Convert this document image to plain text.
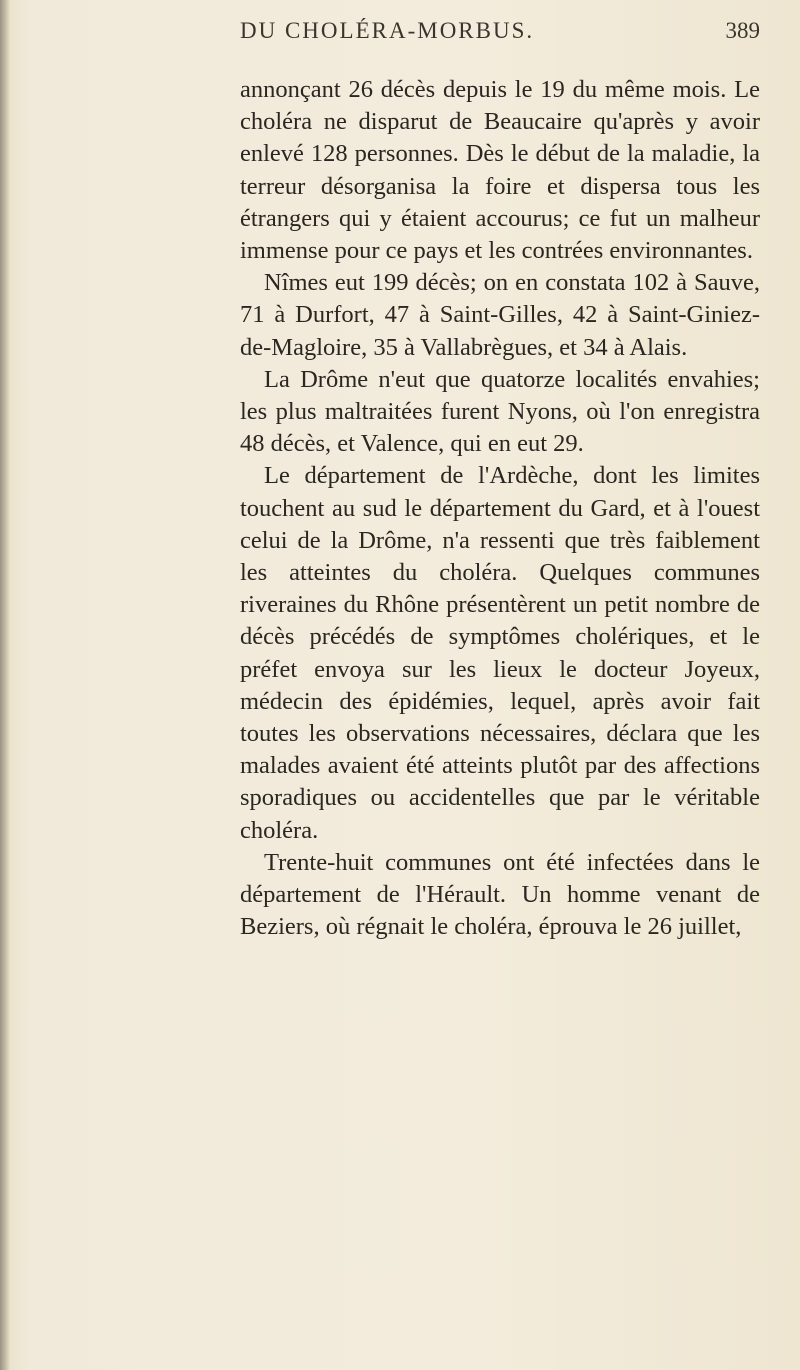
DU CHOLÉRA-MORBUS.	389

annonçant 26 décès depuis le 19 du même mois. Le choléra ne disparut de Beaucaire qu'après y avoir enlevé 128 personnes. Dès le début de la maladie, la terreur désorganisa la foire et dispersa tous les étrangers qui y étaient accourus; ce fut un malheur immense pour ce pays et les contrées environnantes.

Nîmes eut 199 décès; on en constata 102 à Sauve, 71 à Durfort, 47 à Saint-Gilles, 42 à Saint-Giniez-de-Magloire, 35 à Vallabrègues, et 34 à Alais.

La Drôme n'eut que quatorze localités envahies; les plus maltraitées furent Nyons, où l'on enregistra 48 décès, et Valence, qui en eut 29.

Le département de l'Ardèche, dont les limites touchent au sud le département du Gard, et à l'ouest celui de la Drôme, n'a ressenti que très faiblement les atteintes du choléra. Quelques communes riveraines du Rhône présentèrent un petit nombre de décès précédés de symptômes cholériques, et le préfet envoya sur les lieux le docteur Joyeux, médecin des épidémies, lequel, après avoir fait toutes les observations nécessaires, déclara que les malades avaient été atteints plutôt par des affections sporadiques ou accidentelles que par le véritable choléra.

Trente-huit communes ont été infectées dans le département de l'Hérault. Un homme venant de Beziers, où régnait le choléra, éprouva le 26 juillet,
